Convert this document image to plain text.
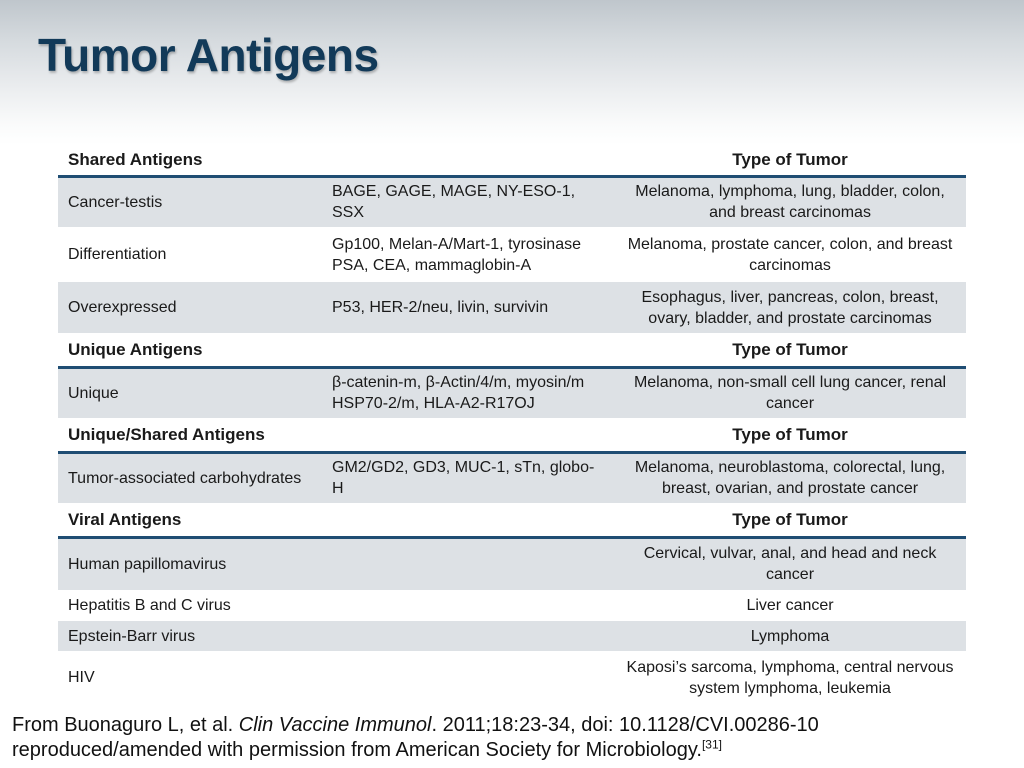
Tumor Antigens
Shared Antigens		Type of Tumor
Cancer-testis	BAGE, GAGE, MAGE, NY-ESO-1, SSX	Melanoma, lymphoma, lung, bladder, colon, and breast carcinomas
Differentiation	Gp100, Melan-A/Mart-1, tyrosinase PSA, CEA, mammaglobin-A	Melanoma, prostate cancer, colon, and breast carcinomas
Overexpressed	P53, HER-2/neu, livin, survivin	Esophagus, liver, pancreas, colon, breast, ovary, bladder, and prostate carcinomas
Unique Antigens		Type of Tumor
Unique	β-catenin-m, β-Actin/4/m, myosin/m HSP70-2/m, HLA-A2-R17OJ	Melanoma, non-small cell lung cancer, renal cancer
Unique/Shared Antigens		Type of Tumor
Tumor-associated carbohydrates	GM2/GD2, GD3, MUC-1, sTn, globo-H	Melanoma, neuroblastoma, colorectal, lung, breast, ovarian, and prostate cancer
Viral Antigens		Type of Tumor
Human papillomavirus		Cervical, vulvar, anal, and head and neck cancer
Hepatitis B and C virus		Liver cancer
Epstein-Barr virus		Lymphoma
HIV		Kaposi’s sarcoma, lymphoma, central nervous system lymphoma, leukemia

From Buonaguro L, et al. Clin Vaccine Immunol. 2011;18:23-34, doi: 10.1128/CVI.00286-10 reproduced/amended with permission from American Society for Microbiology.[31]
